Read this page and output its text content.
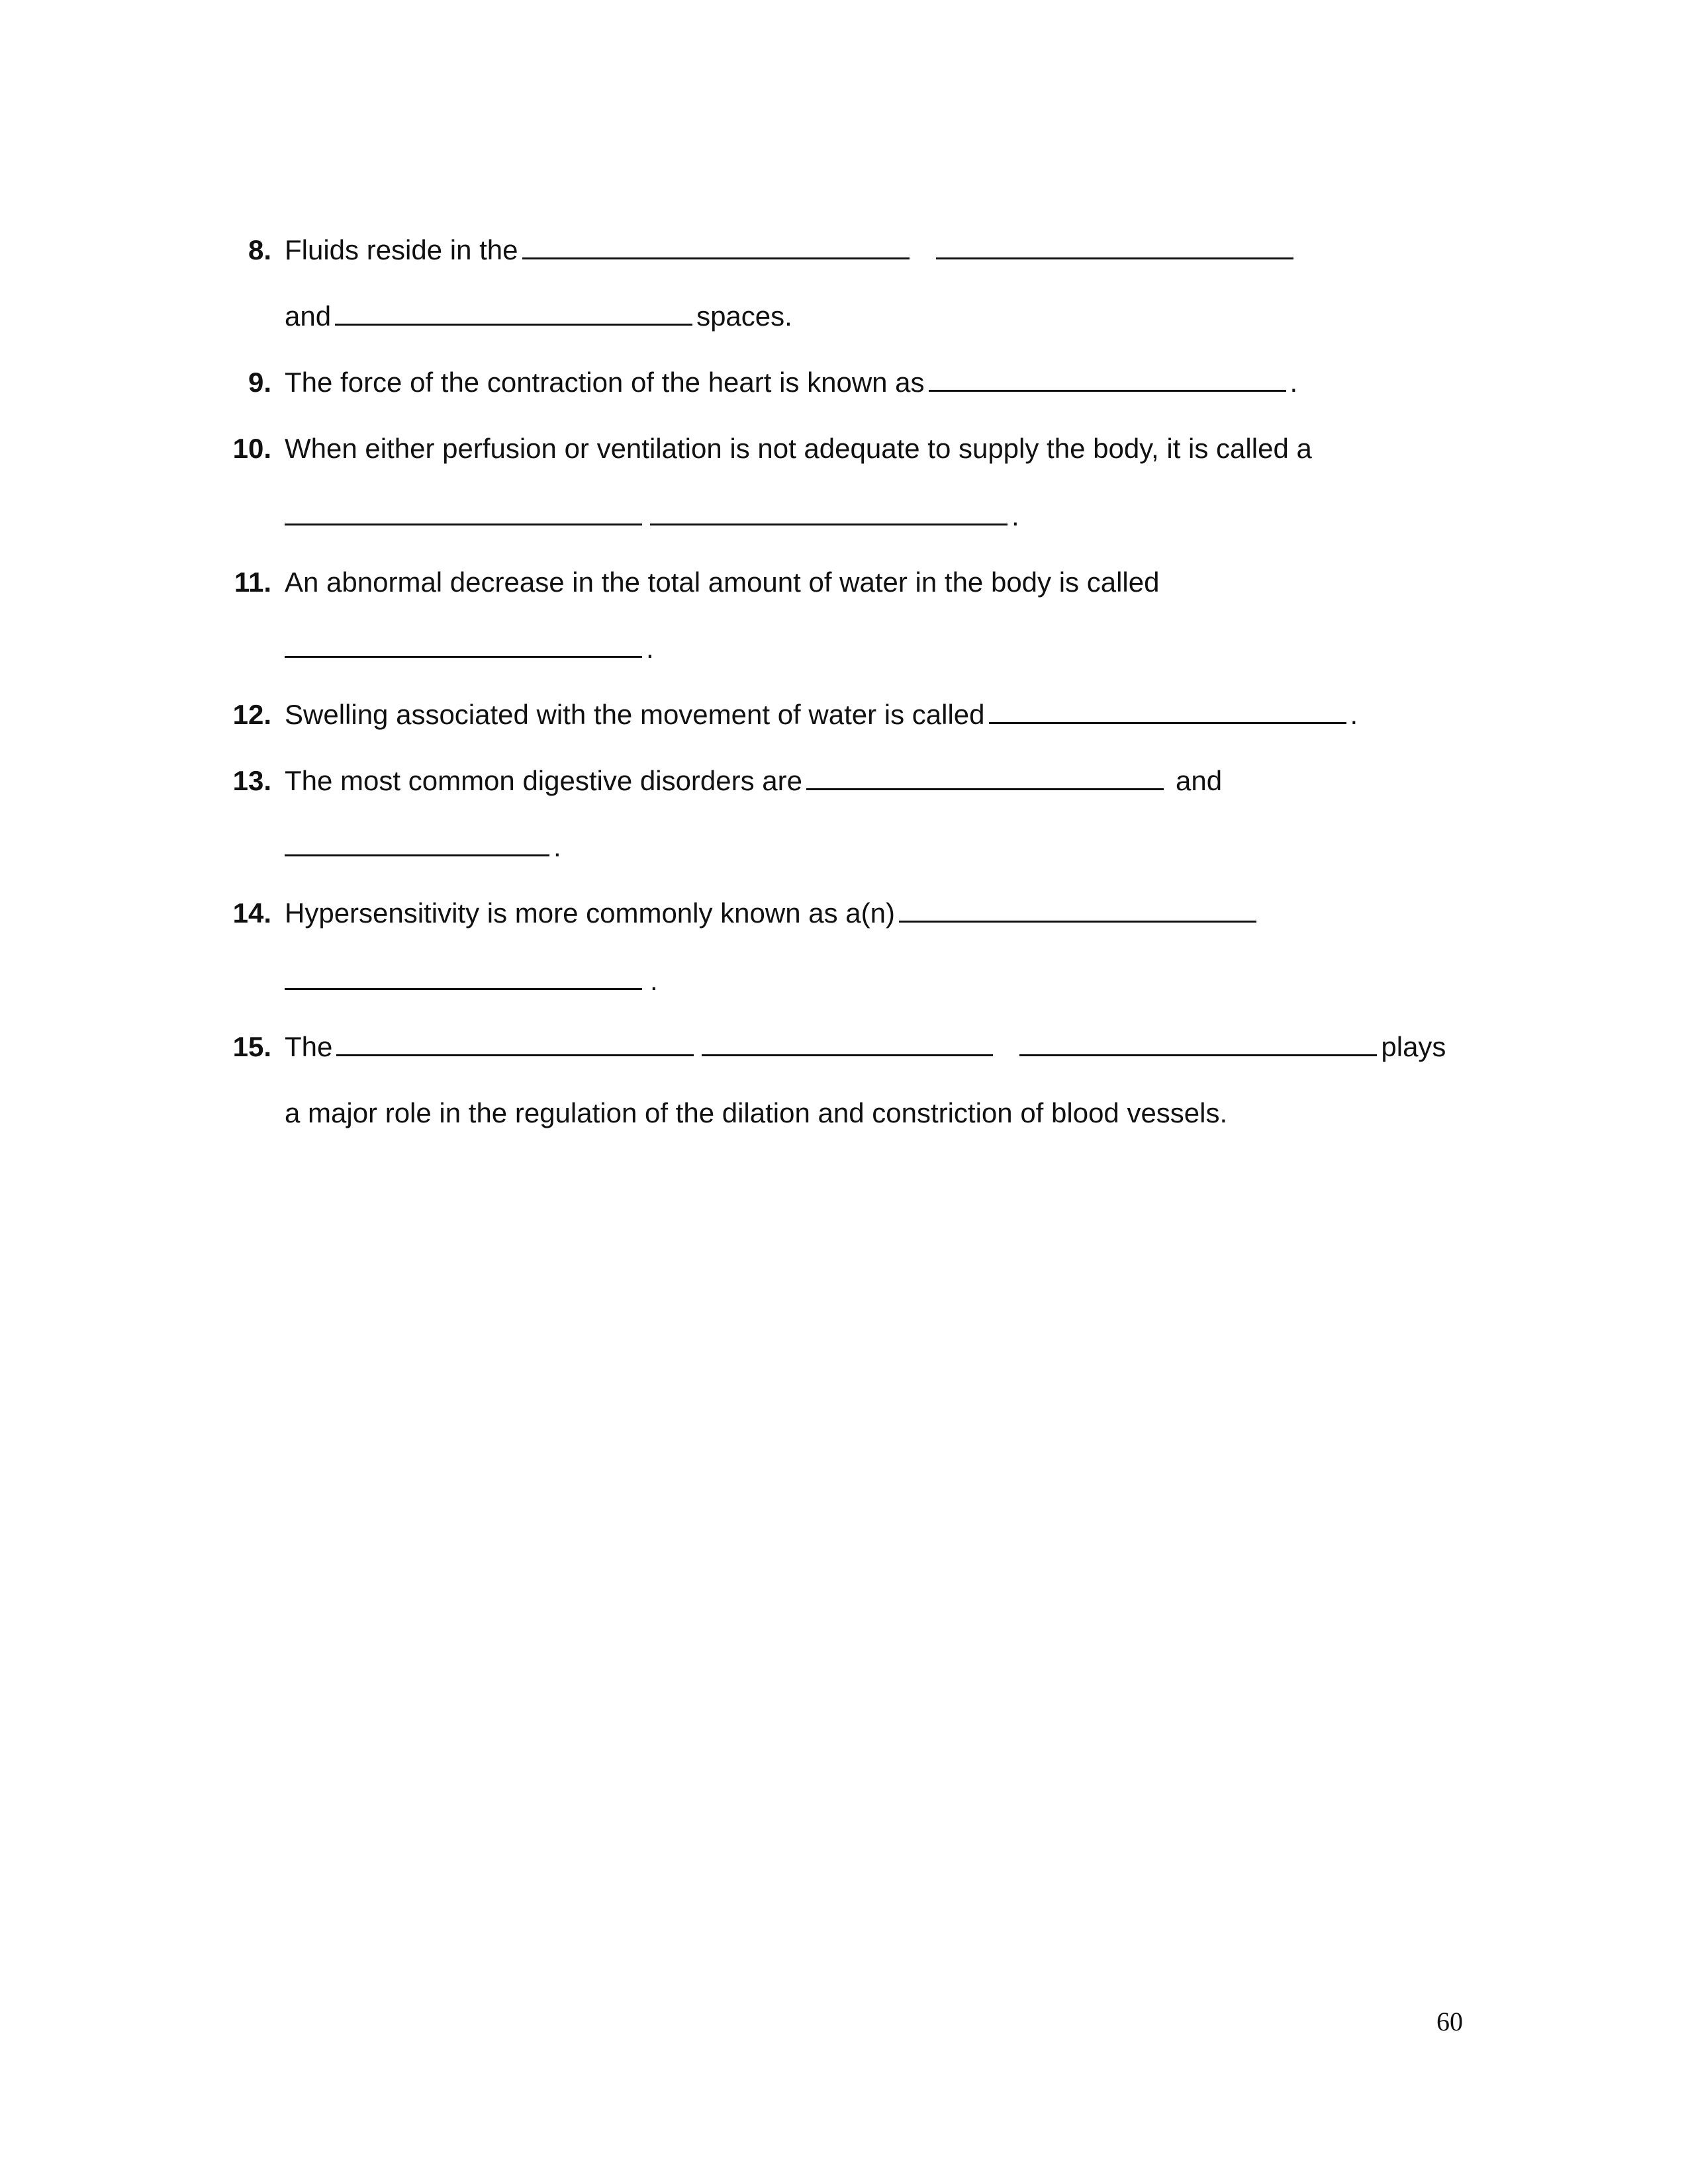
8. Fluids reside in the
and	spaces.
9. The force of the contraction of the heart is known as	.
10. When either perfusion or ventilation is not adequate to supply the body, it is called a
.
11. An abnormal decrease in the total amount of water in the body is called
.
12. Swelling associated with the movement of water is called	.
13. The most common digestive disorders are	and
.
14. Hypersensitivity is more commonly known as a(n)
.
15. The	plays
a major role in the regulation of the dilation and constriction of blood vessels.
60
